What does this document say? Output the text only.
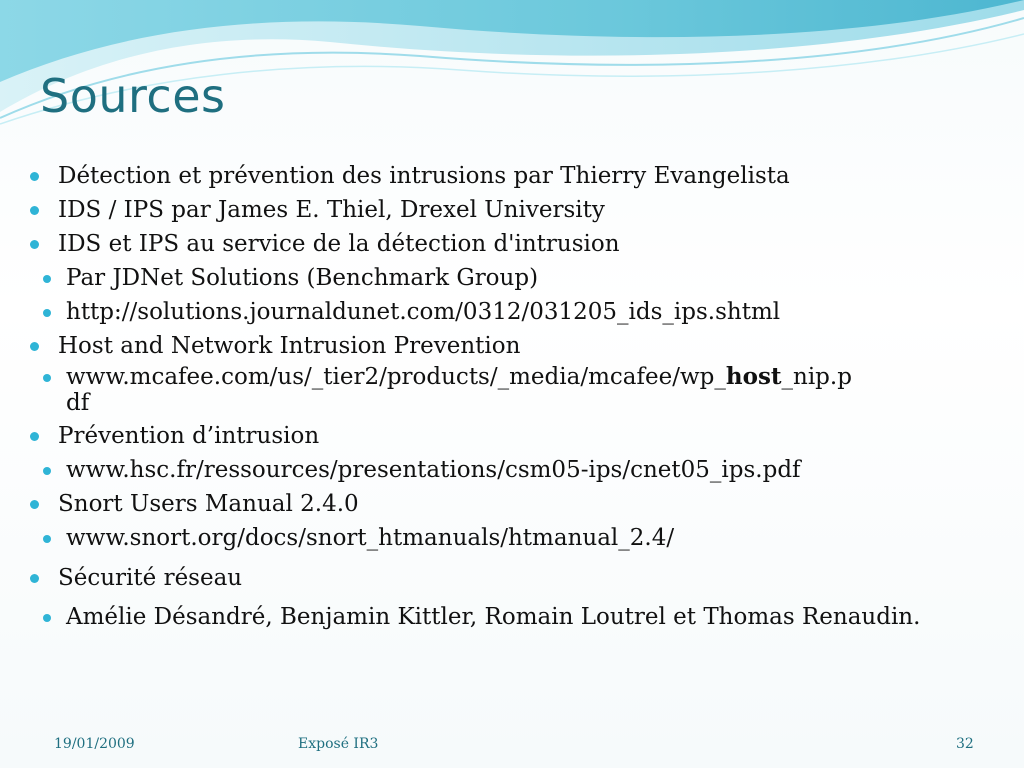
Sources
Détection et prévention des intrusions par Thierry Evangelista
IDS / IPS par James E. Thiel, Drexel University
IDS et IPS au service de la détection d'intrusion
Par JDNet Solutions (Benchmark Group)
http://solutions.journaldunet.com/0312/031205_ids_ips.shtml
Host and Network Intrusion Prevention
www.mcafee.com/us/_tier2/products/_media/mcafee/wp_host_nip.p
df
Prévention d’intrusion
www.hsc.fr/ressources/presentations/csm05-ips/cnet05_ips.pdf
Snort Users Manual 2.4.0
www.snort.org/docs/snort_htmanuals/htmanual_2.4/
Sécurité réseau
Amélie Désandré, Benjamin Kittler, Romain Loutrel et Thomas Renaudin.
19/01/2009	Exposé IR3	32
